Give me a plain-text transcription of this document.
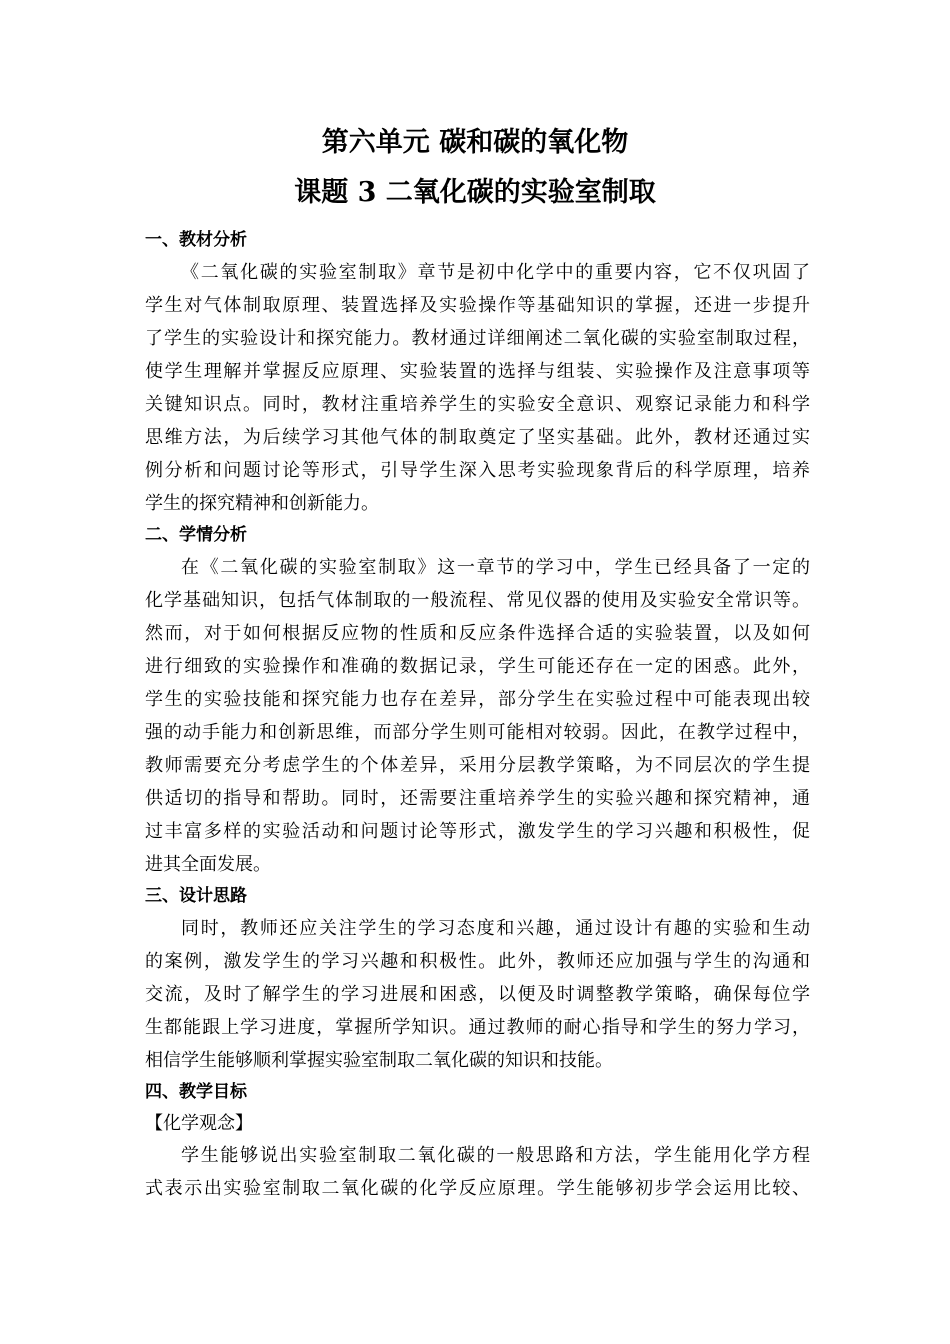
第六单元 碳和碳的氧化物
课题 3 二氧化碳的实验室制取
一、教材分析
《二氧化碳的实验室制取》章节是初中化学中的重要内容，它不仅巩固了
学生对气体制取原理、装置选择及实验操作等基础知识的掌握，还进一步提升
了学生的实验设计和探究能力。教材通过详细阐述二氧化碳的实验室制取过程，
使学生理解并掌握反应原理、实验装置的选择与组装、实验操作及注意事项等
关键知识点。同时，教材注重培养学生的实验安全意识、观察记录能力和科学
思维方法，为后续学习其他气体的制取奠定了坚实基础。此外，教材还通过实
例分析和问题讨论等形式，引导学生深入思考实验现象背后的科学原理，培养
学生的探究精神和创新能力。
二、学情分析
在《二氧化碳的实验室制取》这一章节的学习中，学生已经具备了一定的
化学基础知识，包括气体制取的一般流程、常见仪器的使用及实验安全常识等。
然而，对于如何根据反应物的性质和反应条件选择合适的实验装置，以及如何
进行细致的实验操作和准确的数据记录，学生可能还存在一定的困惑。此外，
学生的实验技能和探究能力也存在差异，部分学生在实验过程中可能表现出较
强的动手能力和创新思维，而部分学生则可能相对较弱。因此，在教学过程中，
教师需要充分考虑学生的个体差异，采用分层教学策略，为不同层次的学生提
供适切的指导和帮助。同时，还需要注重培养学生的实验兴趣和探究精神，通
过丰富多样的实验活动和问题讨论等形式，激发学生的学习兴趣和积极性，促
进其全面发展。
三、设计思路
同时，教师还应关注学生的学习态度和兴趣，通过设计有趣的实验和生动
的案例，激发学生的学习兴趣和积极性。此外，教师还应加强与学生的沟通和
交流，及时了解学生的学习进展和困惑，以便及时调整教学策略，确保每位学
生都能跟上学习进度，掌握所学知识。通过教师的耐心指导和学生的努力学习，
相信学生能够顺利掌握实验室制取二氧化碳的知识和技能。
四、教学目标
【化学观念】
学生能够说出实验室制取二氧化碳的一般思路和方法，学生能用化学方程
式表示出实验室制取二氧化碳的化学反应原理。学生能够初步学会运用比较、
